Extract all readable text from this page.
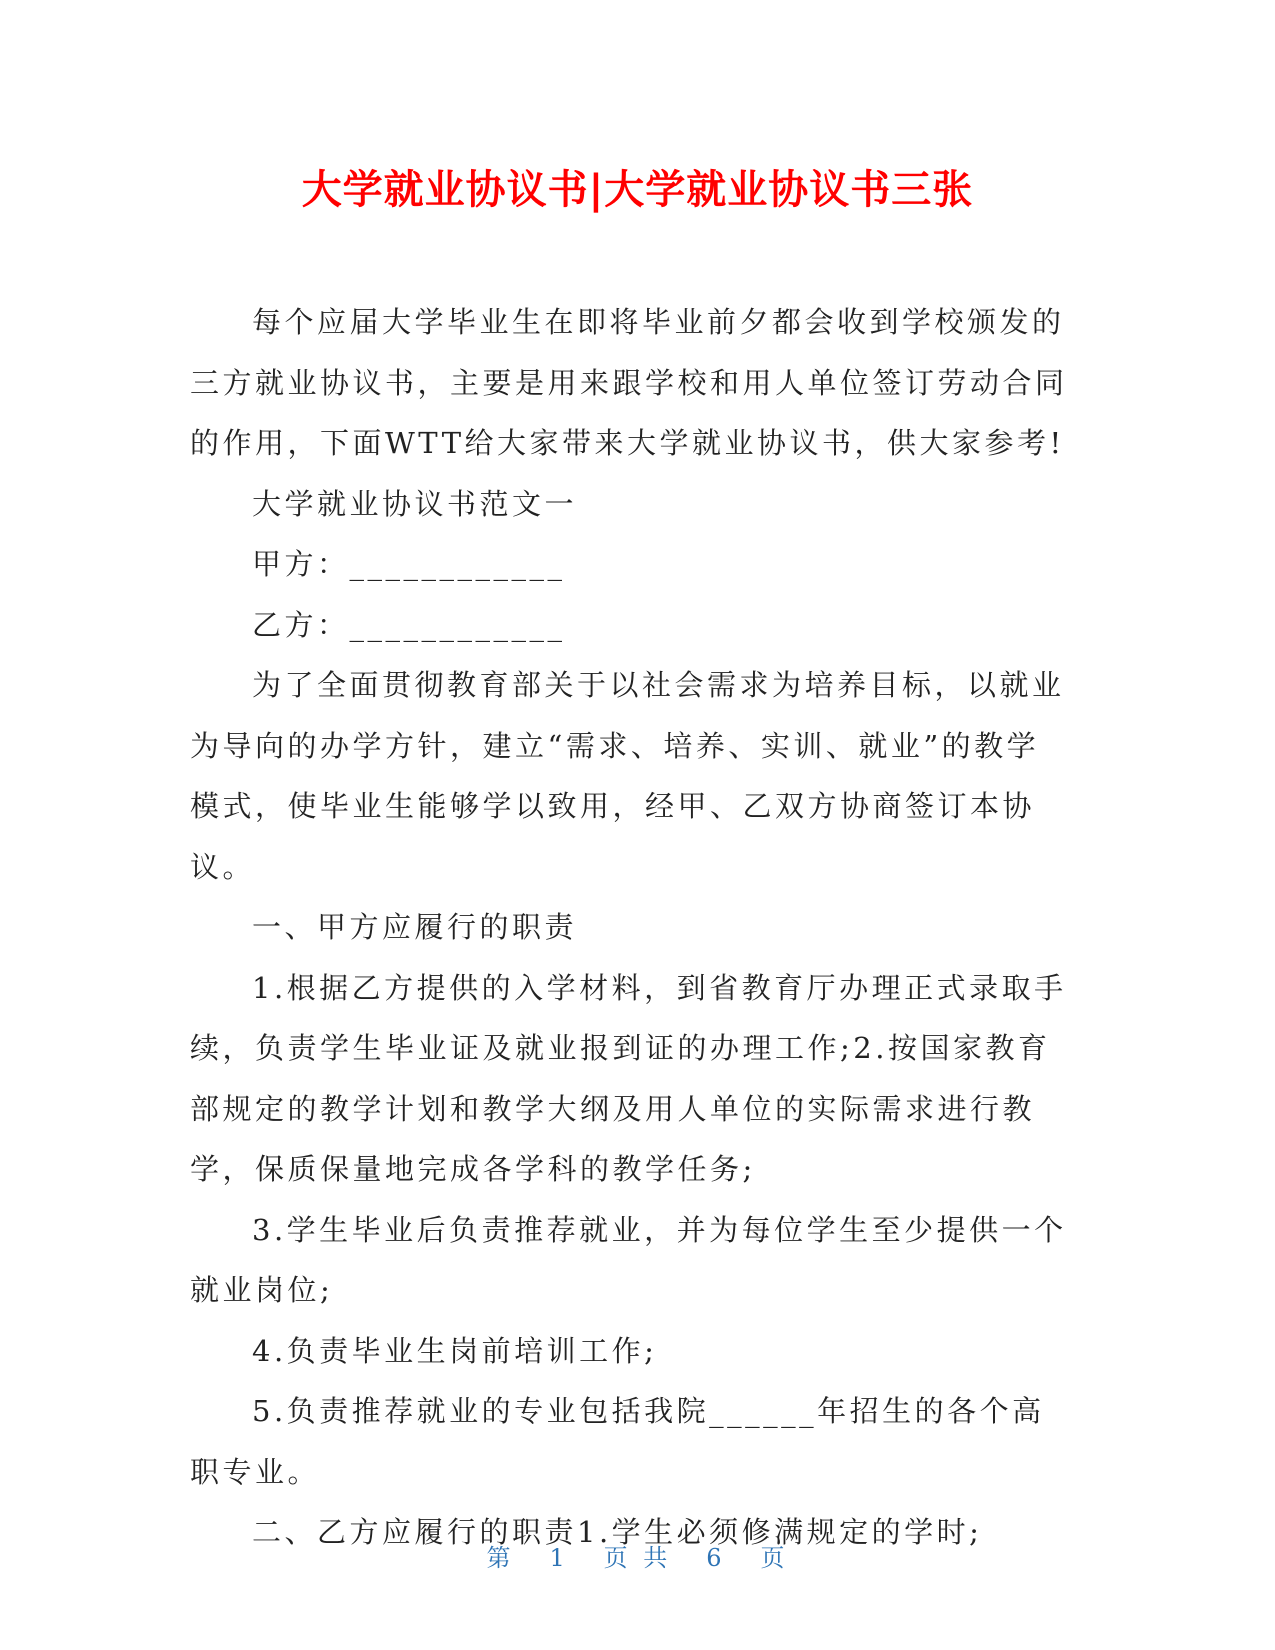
大学就业协议书|大学就业协议书三张

每个应届大学毕业生在即将毕业前夕都会收到学校颁发的三方就业协议书，主要是用来跟学校和用人单位签订劳动合同的作用，下面WTT给大家带来大学就业协议书，供大家参考!

大学就业协议书范文一

甲方：____________

乙方：____________

为了全面贯彻教育部关于以社会需求为培养目标，以就业为导向的办学方针，建立“需求、培养、实训、就业”的教学模式，使毕业生能够学以致用，经甲、乙双方协商签订本协议。

一、甲方应履行的职责

1.根据乙方提供的入学材料，到省教育厅办理正式录取手续，负责学生毕业证及就业报到证的办理工作;2.按国家教育部规定的教学计划和教学大纲及用人单位的实际需求进行教学，保质保量地完成各学科的教学任务;

3.学生毕业后负责推荐就业，并为每位学生至少提供一个就业岗位;

4.负责毕业生岗前培训工作;

5.负责推荐就业的专业包括我院______年招生的各个高职专业。

二、乙方应履行的职责1.学生必须修满规定的学时;

第 1 页 共 6 页
